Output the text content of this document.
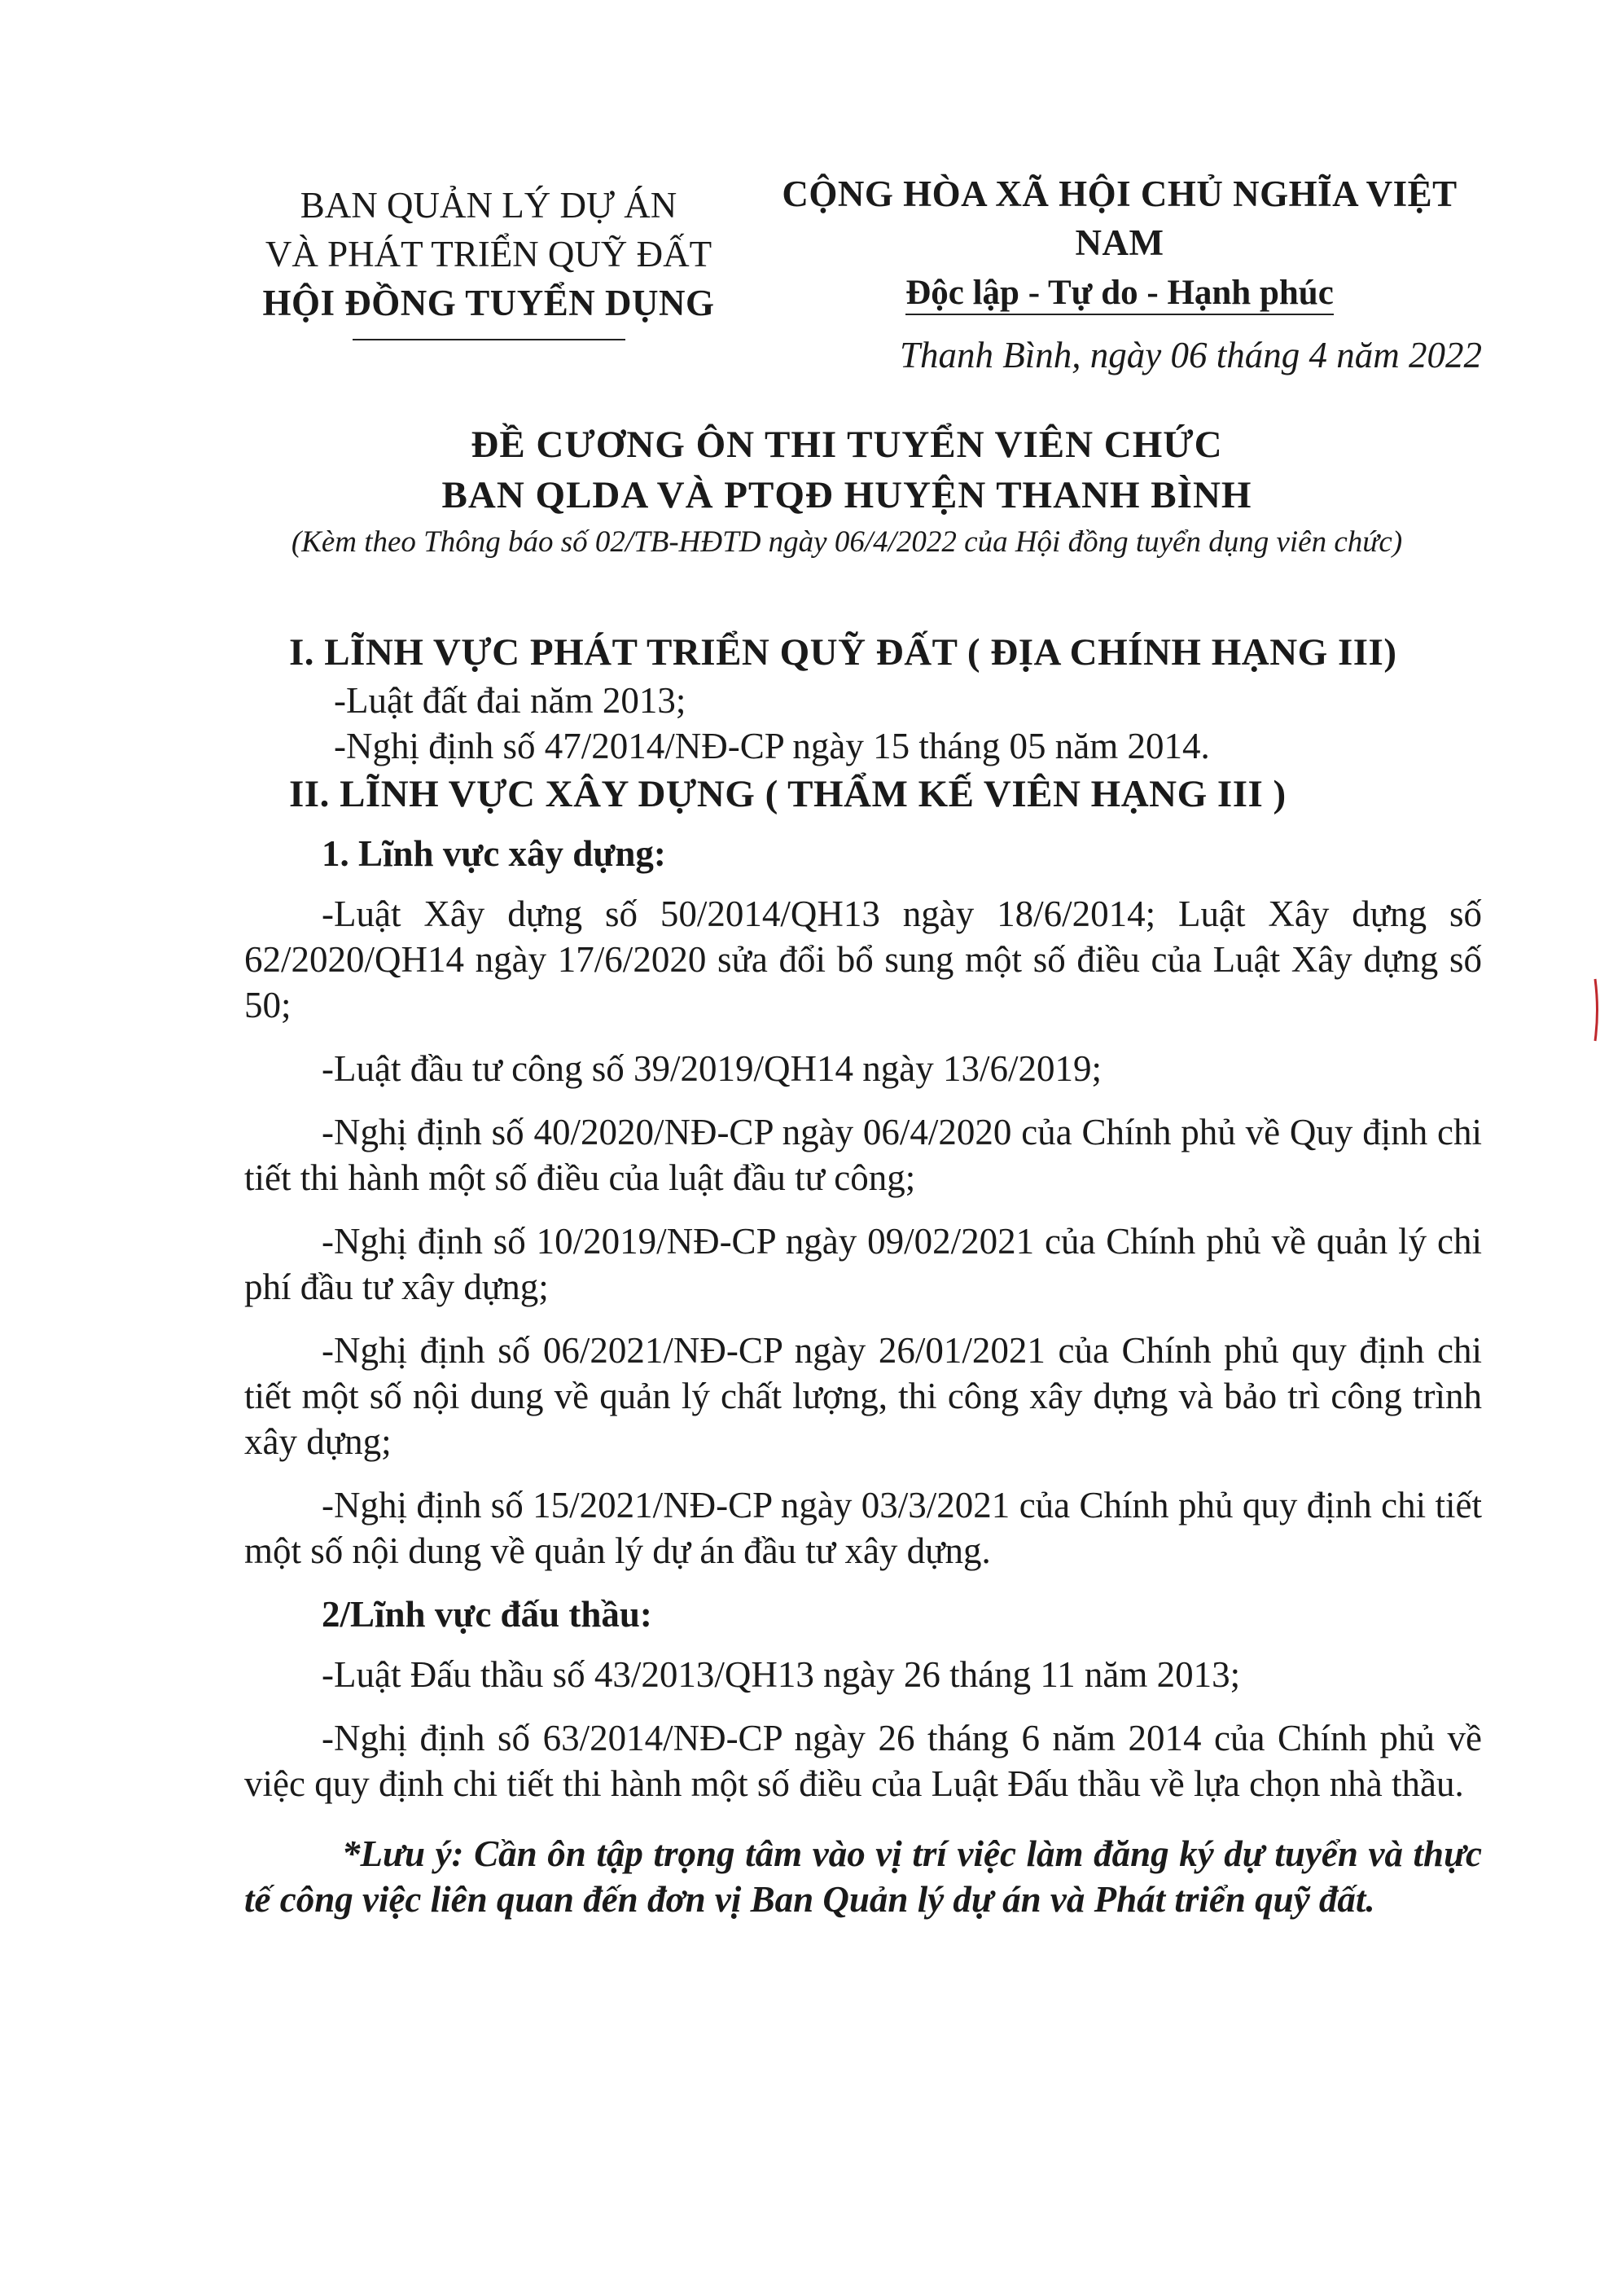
BAN QUẢN LÝ DỰ ÁN
VÀ PHÁT TRIỂN QUỸ ĐẤT
HỘI ĐỒNG TUYỂN DỤNG
CỘNG HÒA XÃ HỘI CHỦ NGHĨA VIỆT NAM
Độc lập - Tự do - Hạnh phúc
Thanh Bình, ngày 06 tháng 4 năm 2022
ĐỀ CƯƠNG ÔN THI TUYỂN VIÊN CHỨC
BAN QLDA VÀ PTQĐ HUYỆN THANH BÌNH
(Kèm theo Thông báo số 02/TB-HĐTD ngày 06/4/2022 của Hội đồng tuyển dụng viên chức)
I. LĨNH VỰC PHÁT TRIỂN QUỸ ĐẤT ( ĐỊA CHÍNH HẠNG III)
-Luật đất đai năm 2013;
-Nghị định số 47/2014/NĐ-CP ngày 15 tháng 05 năm 2014.
II. LĨNH VỰC XÂY DỰNG ( THẨM KẾ VIÊN HẠNG III )
1. Lĩnh vực xây dựng:

-Luật Xây dựng số 50/2014/QH13 ngày 18/6/2014; Luật Xây dựng số 62/2020/QH14 ngày 17/6/2020 sửa đổi bổ sung một số điều của Luật Xây dựng số 50;

-Luật đầu tư công số 39/2019/QH14 ngày 13/6/2019;

-Nghị định số 40/2020/NĐ-CP ngày 06/4/2020 của Chính phủ về Quy định chi tiết thi hành một số điều của luật đầu tư công;

-Nghị định số 10/2019/NĐ-CP ngày 09/02/2021 của Chính phủ về quản lý chi phí đầu tư xây dựng;

-Nghị định số 06/2021/NĐ-CP ngày 26/01/2021 của Chính phủ quy định chi tiết một số nội dung về quản lý chất lượng, thi công xây dựng và bảo trì công trình xây dựng;

-Nghị định số 15/2021/NĐ-CP ngày 03/3/2021 của Chính phủ quy định chi tiết một số nội dung về quản lý dự án đầu tư xây dựng.

2/Lĩnh vực đấu thầu:

-Luật Đấu thầu số 43/2013/QH13 ngày 26 tháng 11 năm 2013;

-Nghị định số 63/2014/NĐ-CP ngày 26 tháng 6 năm 2014 của Chính phủ về việc quy định chi tiết thi hành một số điều của Luật Đấu thầu về lựa chọn nhà thầu.

*Lưu ý: Cần ôn tập trọng tâm vào vị trí việc làm đăng ký dự tuyển và thực tế công việc liên quan đến đơn vị Ban Quản lý dự án và Phát triển quỹ đất.
